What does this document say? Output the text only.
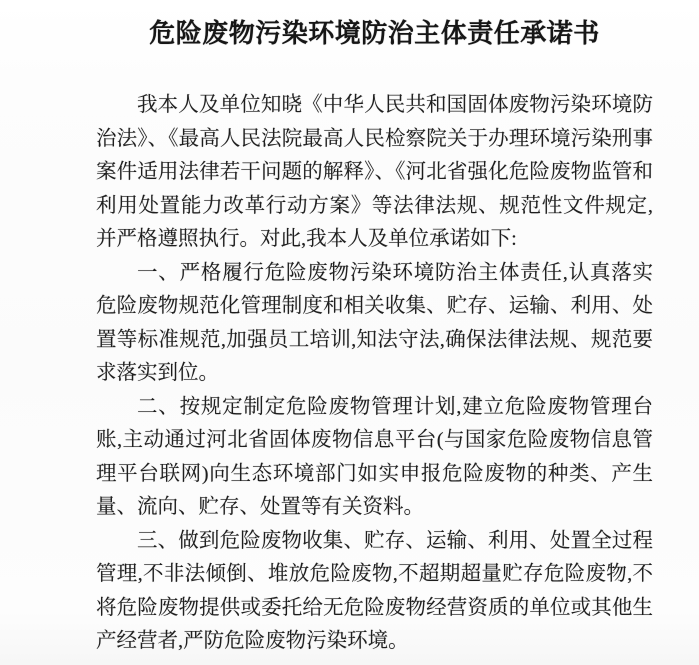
危险废物污染环境防治主体责任承诺书

我本人及单位知晓《中华人民共和国固体废物污染环境防治法》、《最高人民法院最高人民检察院关于办理环境污染刑事案件适用法律若干问题的解释》、《河北省强化危险废物监管和利用处置能力改革行动方案》等法律法规、规范性文件规定,并严格遵照执行。对此,我本人及单位承诺如下:

一、严格履行危险废物污染环境防治主体责任,认真落实危险废物规范化管理制度和相关收集、贮存、运输、利用、处置等标准规范,加强员工培训,知法守法,确保法律法规、规范要求落实到位。

二、按规定制定危险废物管理计划,建立危险废物管理台账,主动通过河北省固体废物信息平台(与国家危险废物信息管理平台联网)向生态环境部门如实申报危险废物的种类、产生量、流向、贮存、处置等有关资料。

三、做到危险废物收集、贮存、运输、利用、处置全过程管理,不非法倾倒、堆放危险废物,不超期超量贮存危险废物,不将危险废物提供或委托给无危险废物经营资质的单位或其他生产经营者,严防危险废物污染环境。
